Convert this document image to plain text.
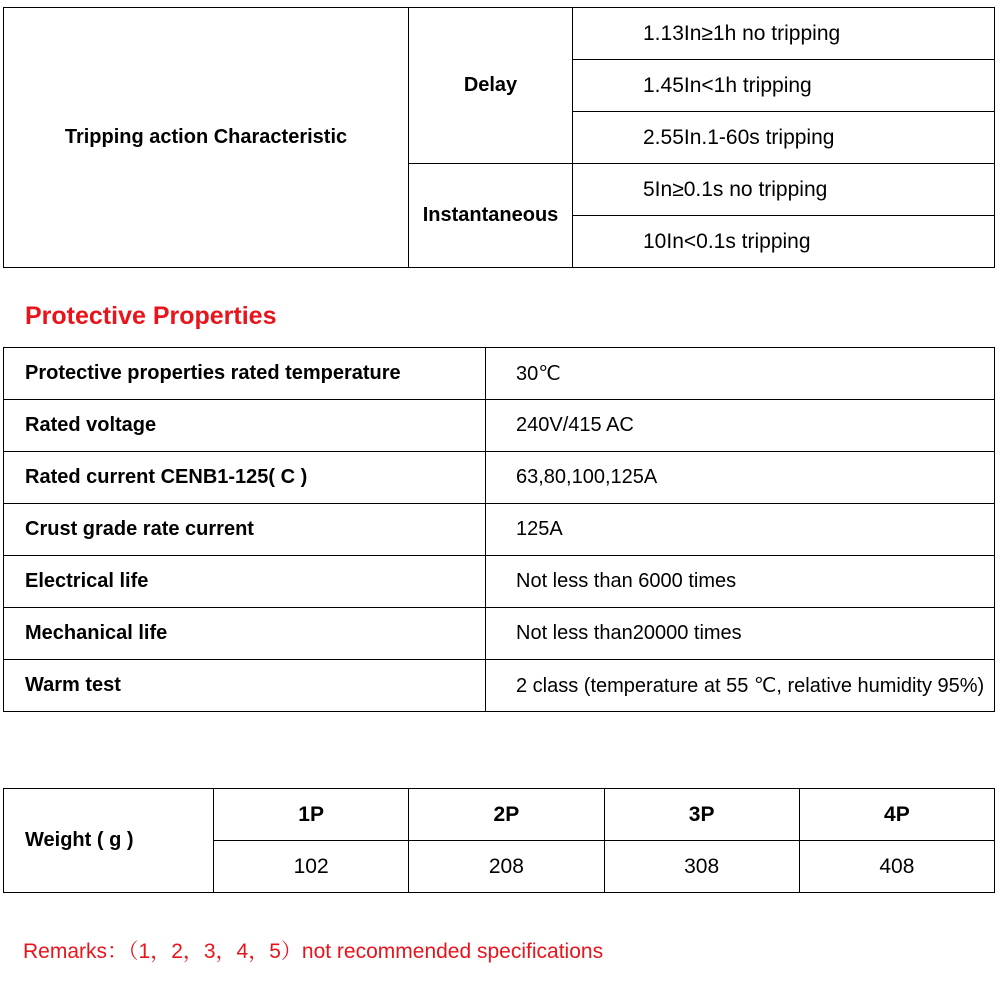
Tripping action Characteristic	Delay	1.13In≥1h no tripping
		1.45In<1h tripping
		2.55In.1-60s tripping
	Instantaneous	5In≥0.1s no tripping
		10In<0.1s tripping
Protective Properties
Protective properties rated temperature	30℃
Rated voltage	240V/415 AC
Rated current CENB1-125( C )	63,80,100,125A
Crust grade rate current	125A
Electrical life	Not less than 6000 times
Mechanical life	Not less than20000 times
Warm test	2 class (temperature at 55 ℃, relative humidity 95%)
Weight ( g )	1P	2P	3P	4P
	102	208	308	408

Remarks：（1，2，3，4，5）not recommended specifications
